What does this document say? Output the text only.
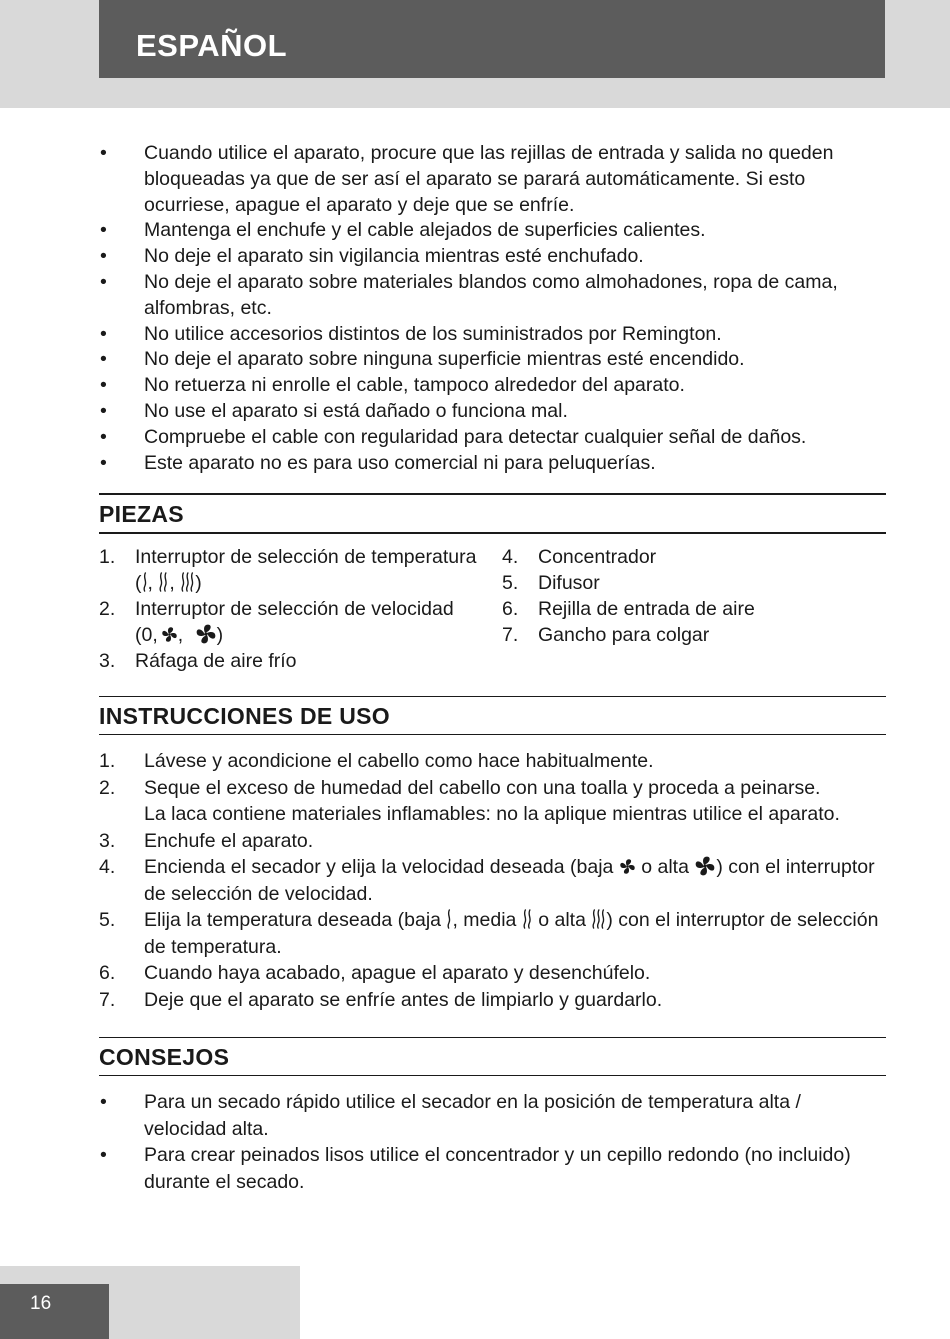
ESPAÑOL
• Cuando utilice el aparato, procure que las rejillas de entrada y salida no queden bloqueadas ya que de ser así el aparato se parará automáticamente. Si esto ocurriese, apague el aparato y deje que se enfríe.
• Mantenga el enchufe y el cable alejados de superficies calientes.
• No deje el aparato sin vigilancia mientras esté enchufado.
• No deje el aparato sobre materiales blandos como almohadones, ropa de cama, alfombras, etc.
• No utilice accesorios distintos de los suministrados por Remington.
• No deje el aparato sobre ninguna superficie mientras esté encendido.
• No retuerza ni enrolle el cable, tampoco alrededor del aparato.
• No use el aparato si está dañado o funciona mal.
• Compruebe el cable con regularidad para detectar cualquier señal de daños.
• Este aparato no es para uso comercial ni para peluquerías.
PIEZAS
1. Interruptor de selección de temperatura
( , , )
2. Interruptor de selección de velocidad
(0, , )
3. Ráfaga de aire frío
4. Concentrador
5. Difusor
6. Rejilla de entrada de aire
7. Gancho para colgar
INSTRUCCIONES DE USO
1. Lávese y acondicione el cabello como hace habitualmente.
2. Seque el exceso de humedad del cabello con una toalla y proceda a peinarse.
La laca contiene materiales inflamables: no la aplique mientras utilice el aparato.
3. Enchufe el aparato.
4. Encienda el secador y elija la velocidad deseada (baja  o alta ) con el interruptor de selección de velocidad.
5. Elija la temperatura deseada (baja , media  o alta ) con el interruptor de selección de temperatura.
6. Cuando haya acabado, apague el aparato y desenchúfelo.
7. Deje que el aparato se enfríe antes de limpiarlo y guardarlo.
CONSEJOS
• Para un secado rápido utilice el secador en la posición de temperatura alta / velocidad alta.
• Para crear peinados lisos utilice el concentrador y un cepillo redondo (no incluido) durante el secado.
16
